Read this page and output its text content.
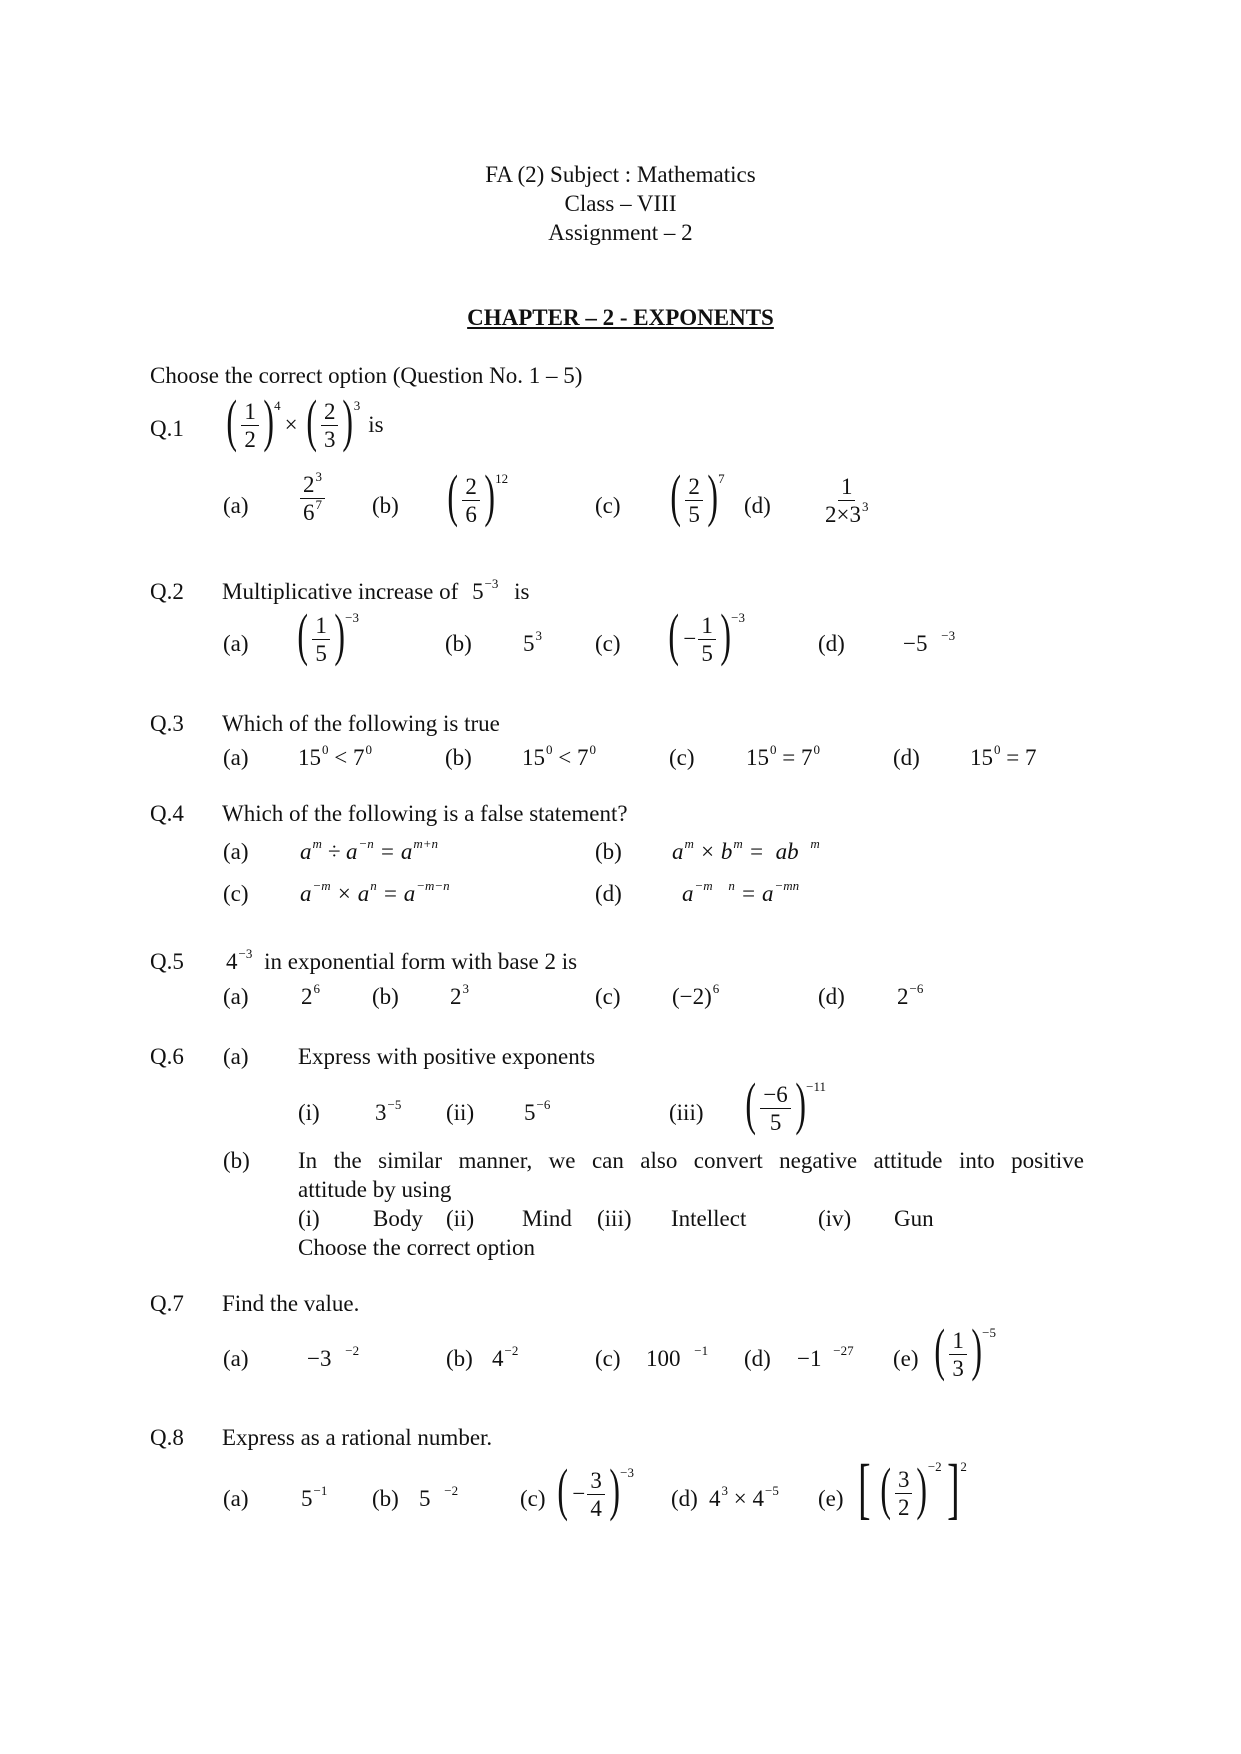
FA (2) Subject : Mathematics
Class – VIII
Assignment – 2
CHAPTER – 2 - EXPONENTS
Choose the correct option (Question No. 1 – 5)
Q.1 ( $\frac{1}{2}$ ) 4
× ( $\frac{2}{3}$ ) 3
is
$(a) \frac{2^3}{6^7} (b)$ ( $\frac{2}{6}$ ) 12
(c) ( $\frac{2}{5}$ ) 7
$(d) \frac{1}{2\times 3^3}$
Q.2 Multiplicative increase of $5^{-3}$ is
(a) ( $\frac{1}{5}$ ) −3
(b) $5^3$ (c) ( − $\frac{1}{5}$ ) −3
(d)	−5 $^{-3}$
Q.3 Which of the following is true
(a) $15^0 < 7^0$	(b) $15^0 < 7^0$	(c) $15^0 = 7^0$	(d) $15^0 = 7$
Q.4 Which of the following is a false statement?
(a) $a^m \div a^{-n} = a^{m+n}$	(b) $a^m \times b^m$ =  ab $^m$
(c) $a^{-m} \times a^n = a^{-m-n}$	(d)	$a^{-m}$ $^n = a^{-mn}$
Q.5 $4^{-3}$ in exponential form with base 2 is
(a) $2^6$ (b) $2^3$	(c) $(-2)^6$	(d) $2^{-6}$
Q.6 (a) Express with positive exponents
(i) $3^{-5}$ (ii) $5^{-6}$	(iii) ( $\frac{-6}{5}$ ) −11
(b) In the similar manner, we can also convert negative attitude into positive
attitude by using
(i) Body (ii) Mind (iii) Intellect	(iv) Gun
Choose the correct option
Q.7 Find the value.
(a)	−3 $^{-2}$	(b) $4^{-2}$	(c) 100 $^{-1}$ (d) −1 $^{-27}$ (e) ( $\frac{1}{3}$ ) −5
Q.8 Express as a rational number.
(a) $5^{-1}$ (b) 5 $^{-2}$	(c) ( − $\frac{3}{4}$ ) −3
(d) $4^3 \times 4^{-5}$ (e) [ ( $\frac{3}{2}$ ) −2 ] 2
